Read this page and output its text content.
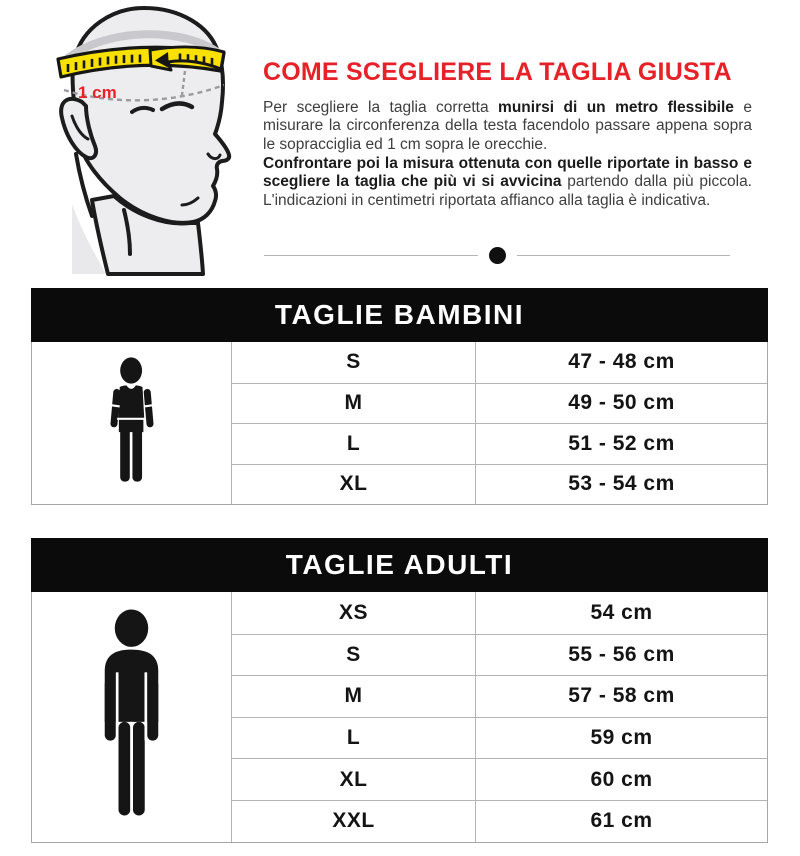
1 cm
COME SCEGLIERE LA TAGLIA GIUSTA

Per scegliere la taglia corretta munirsi di un metro flessibile e misurare la circonferenza della testa facendolo passare appena sopra le sopracciglia ed 1 cm sopra le orecchie.

Confrontare poi la misura ottenuta con quelle riportate in basso e scegliere la taglia che più vi si avvicina partendo dalla più piccola. L'indicazioni in centimetri riportata affianco alla taglia è indicativa.

TAGLIE BAMBINI
S	47 - 48 cm
M	49 - 50 cm
L	51 - 52 cm
XL	53 - 54 cm
TAGLIE ADULTI
XS	54 cm
S	55 - 56 cm
M	57 - 58 cm
L	59 cm
XL	60 cm
XXL	61 cm
